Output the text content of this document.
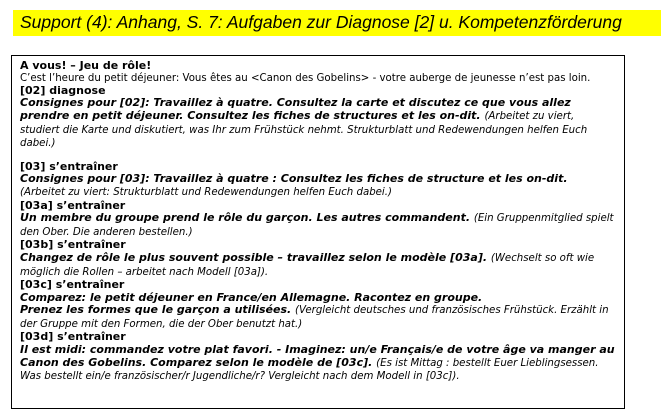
Support (4): Anhang, S. 7: Aufgaben zur Diagnose [2] u. Kompetenzförderung

A vous! – Jeu de rôle!

C’est l’heure du petit déjeuner: Vous êtes au <Canon des Gobelins> - votre auberge de jeunesse n’est pas loin.

[02] diagnose

Consignes pour [02]: Travaillez à quatre. Consultez la carte et discutez ce que vous allez prendre en petit déjeuner. Consultez les fiches de structures et les on-dit. (Arbeitet zu viert, studiert die Karte und diskutiert, was Ihr zum Frühstück nehmt. Strukturblatt und Redewendungen helfen Euch dabei.)

[03] s’entraîner

Consignes pour [03]: Travaillez à quatre : Consultez les fiches de structure et les on-dit. (Arbeitet zu viert: Strukturblatt und Redewendungen helfen Euch dabei.)

[03a] s’entraîner

Un membre du groupe prend le rôle du garçon. Les autres commandent. (Ein Gruppenmitglied spielt den Ober. Die anderen bestellen.)

[03b] s’entraîner

Changez de rôle le plus souvent possible – travaillez selon le modèle [03a]. (Wechselt so oft wie möglich die Rollen – arbeitet nach Modell [03a]).

[03c] s’entraîner

Comparez: le petit déjeuner en France/en Allemagne. Racontez en groupe.

Prenez les formes que le garçon a utilisées. (Vergleicht deutsches und französisches Frühstück. Erzählt in der Gruppe mit den Formen, die der Ober benutzt hat.)

[03d] s’entraîner

Il est midi: commandez votre plat favori. - Imaginez: un/e Français/e de votre âge va manger au Canon des Gobelins. Comparez selon le modèle de [03c]. (Es ist Mittag : bestellt Euer Lieblingsessen. Was bestellt ein/e französischer/r Jugendliche/r? Vergleicht nach dem Modell in [03c]).
